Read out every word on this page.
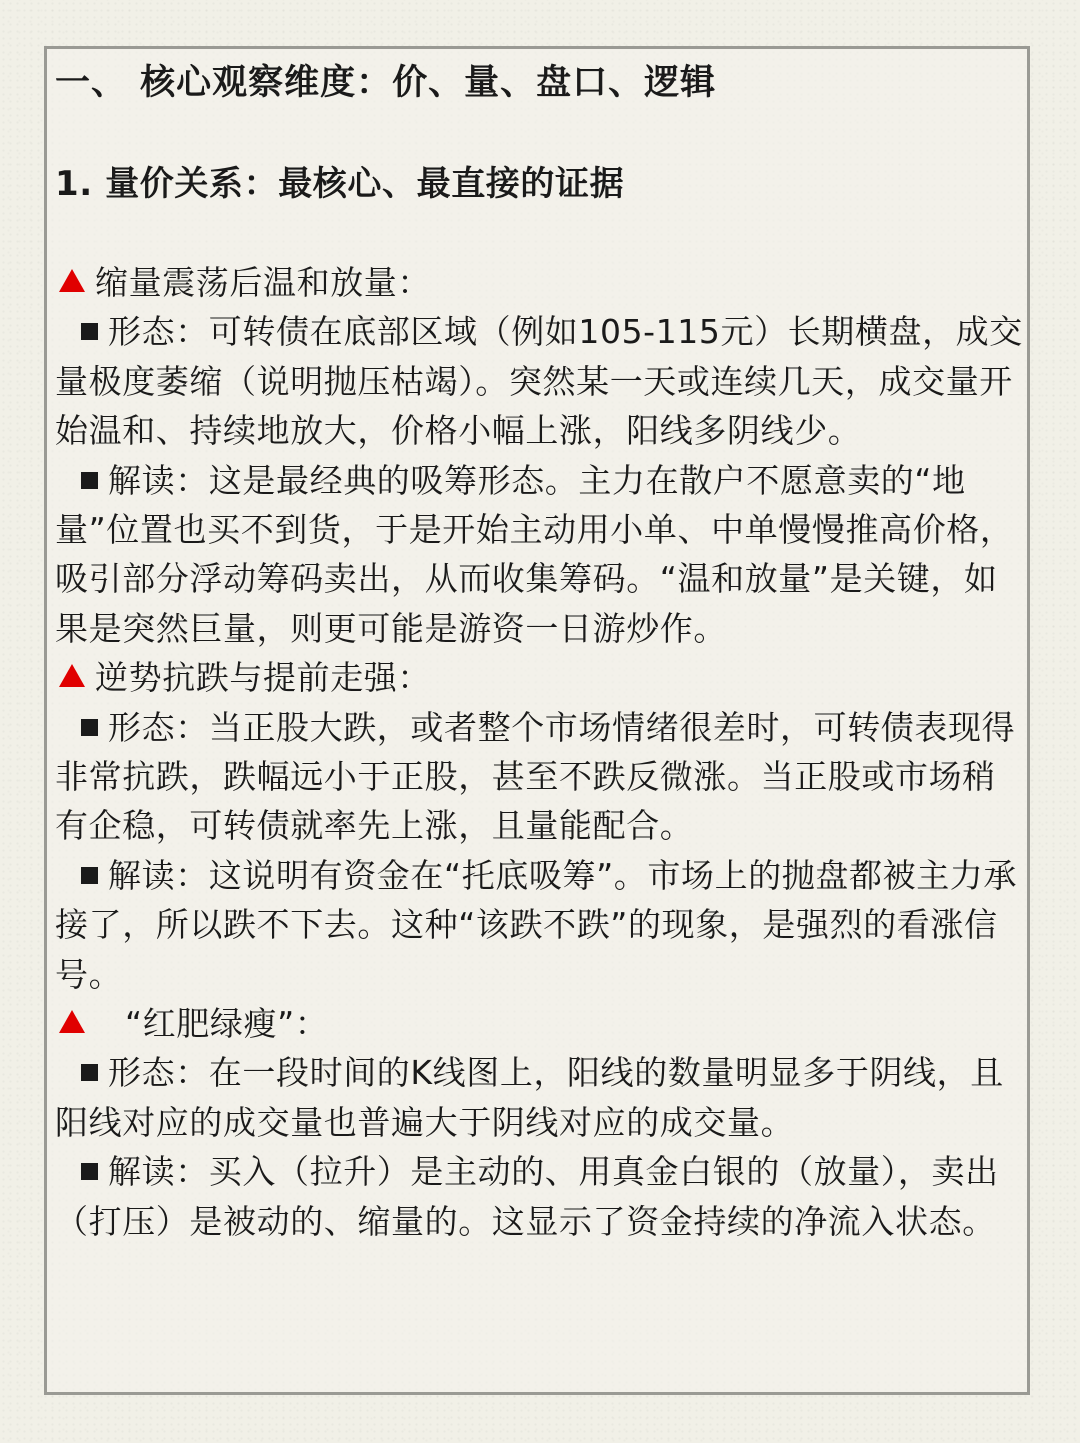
一、 核心观察维度：价、量、盘口、逻辑
1. 量价关系：最核心、最直接的证据
缩量震荡后温和放量：

形态：可转债在底部区域（例如105-115元）长期横盘，成交量极度萎缩（说明抛压枯竭）。突然某一天或连续几天，成交量开始温和、持续地放大，价格小幅上涨，阳线多阴线少。

解读：这是最经典的吸筹形态。主力在散户不愿意卖的“地量”位置也买不到货，于是开始主动用小单、中单慢慢推高价格，吸引部分浮动筹码卖出，从而收集筹码。“温和放量”是关键，如果是突然巨量，则更可能是游资一日游炒作。

逆势抗跌与提前走强：

形态：当正股大跌，或者整个市场情绪很差时，可转债表现得非常抗跌，跌幅远小于正股，甚至不跌反微涨。当正股或市场稍有企稳，可转债就率先上涨，且量能配合。

解读：这说明有资金在“托底吸筹”。市场上的抛盘都被主力承接了，所以跌不下去。这种“该跌不跌”的现象，是强烈的看涨信号。

“红肥绿瘦”：

形态：在一段时间的K线图上，阳线的数量明显多于阴线，且阳线对应的成交量也普遍大于阴线对应的成交量。

解读：买入（拉升）是主动的、用真金白银的（放量），卖出（打压）是被动的、缩量的。这显示了资金持续的净流入状态。
